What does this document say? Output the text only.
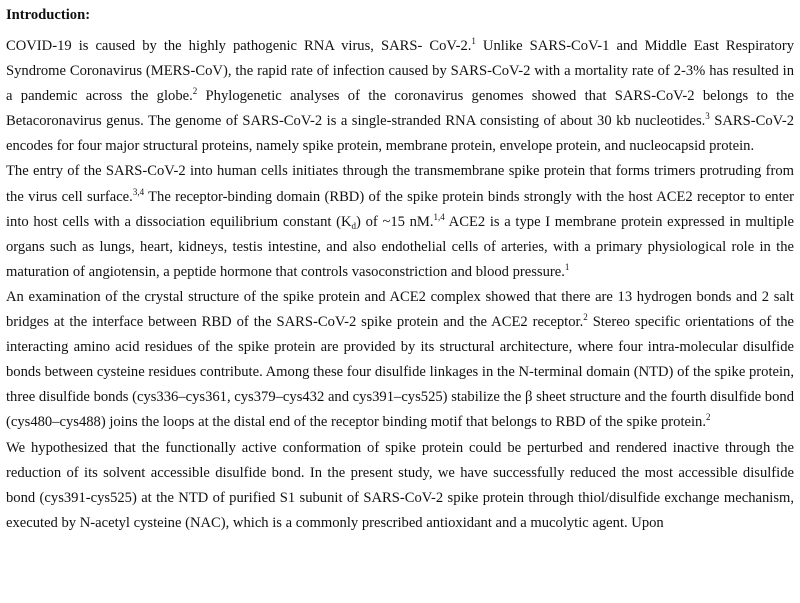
Introduction:

COVID-19 is caused by the highly pathogenic RNA virus, SARS- CoV-2.$^1$ Unlike SARS-CoV-1 and Middle East Respiratory Syndrome Coronavirus (MERS-CoV), the rapid rate of infection caused by SARS-CoV-2 with a mortality rate of 2-3% has resulted in a pandemic across the globe.$^2$ Phylogenetic analyses of the coronavirus genomes showed that SARS-CoV-2 belongs to the Betacoronavirus genus. The genome of SARS-CoV-2 is a single-stranded RNA consisting of about 30 kb nucleotides.$^3$ SARS-CoV-2 encodes for four major structural proteins, namely spike protein, membrane protein, envelope protein, and nucleocapsid protein.

The entry of the SARS-CoV-2 into human cells initiates through the transmembrane spike protein that forms trimers protruding from the virus cell surface.$^{3,4}$ The receptor-binding domain (RBD) of the spike protein binds strongly with the host ACE2 receptor to enter into host cells with a dissociation equilibrium constant $(K_d)$ of ~15 nM.$^{1,4}$ ACE2 is a type I membrane protein expressed in multiple organs such as lungs, heart, kidneys, testis intestine, and also endothelial cells of arteries, with a primary physiological role in the maturation of angiotensin, a peptide hormone that controls vasoconstriction and blood pressure.$^1$

An examination of the crystal structure of the spike protein and ACE2 complex showed that there are 13 hydrogen bonds and 2 salt bridges at the interface between RBD of the SARS-CoV-2 spike protein and the ACE2 receptor.$^2$ Stereo specific orientations of the interacting amino acid residues of the spike protein are provided by its structural architecture, where four intra-molecular disulfide bonds between cysteine residues contribute. Among these four disulfide linkages in the N-terminal domain (NTD) of the spike protein, three disulfide bonds (cys336–cys361, cys379–cys432 and cys391–cys525) stabilize the β sheet structure and the fourth disulfide bond (cys480–cys488) joins the loops at the distal end of the receptor binding motif that belongs to RBD of the spike protein.$^2$

We hypothesized that the functionally active conformation of spike protein could be perturbed and rendered inactive through the reduction of its solvent accessible disulfide bond. In the present study, we have successfully reduced the most accessible disulfide bond (cys391-cys525) at the NTD of purified S1 subunit of SARS-CoV-2 spike protein through thiol/disulfide exchange mechanism, executed by N-acetyl cysteine (NAC), which is a commonly prescribed antioxidant and a mucolytic agent. Upon
